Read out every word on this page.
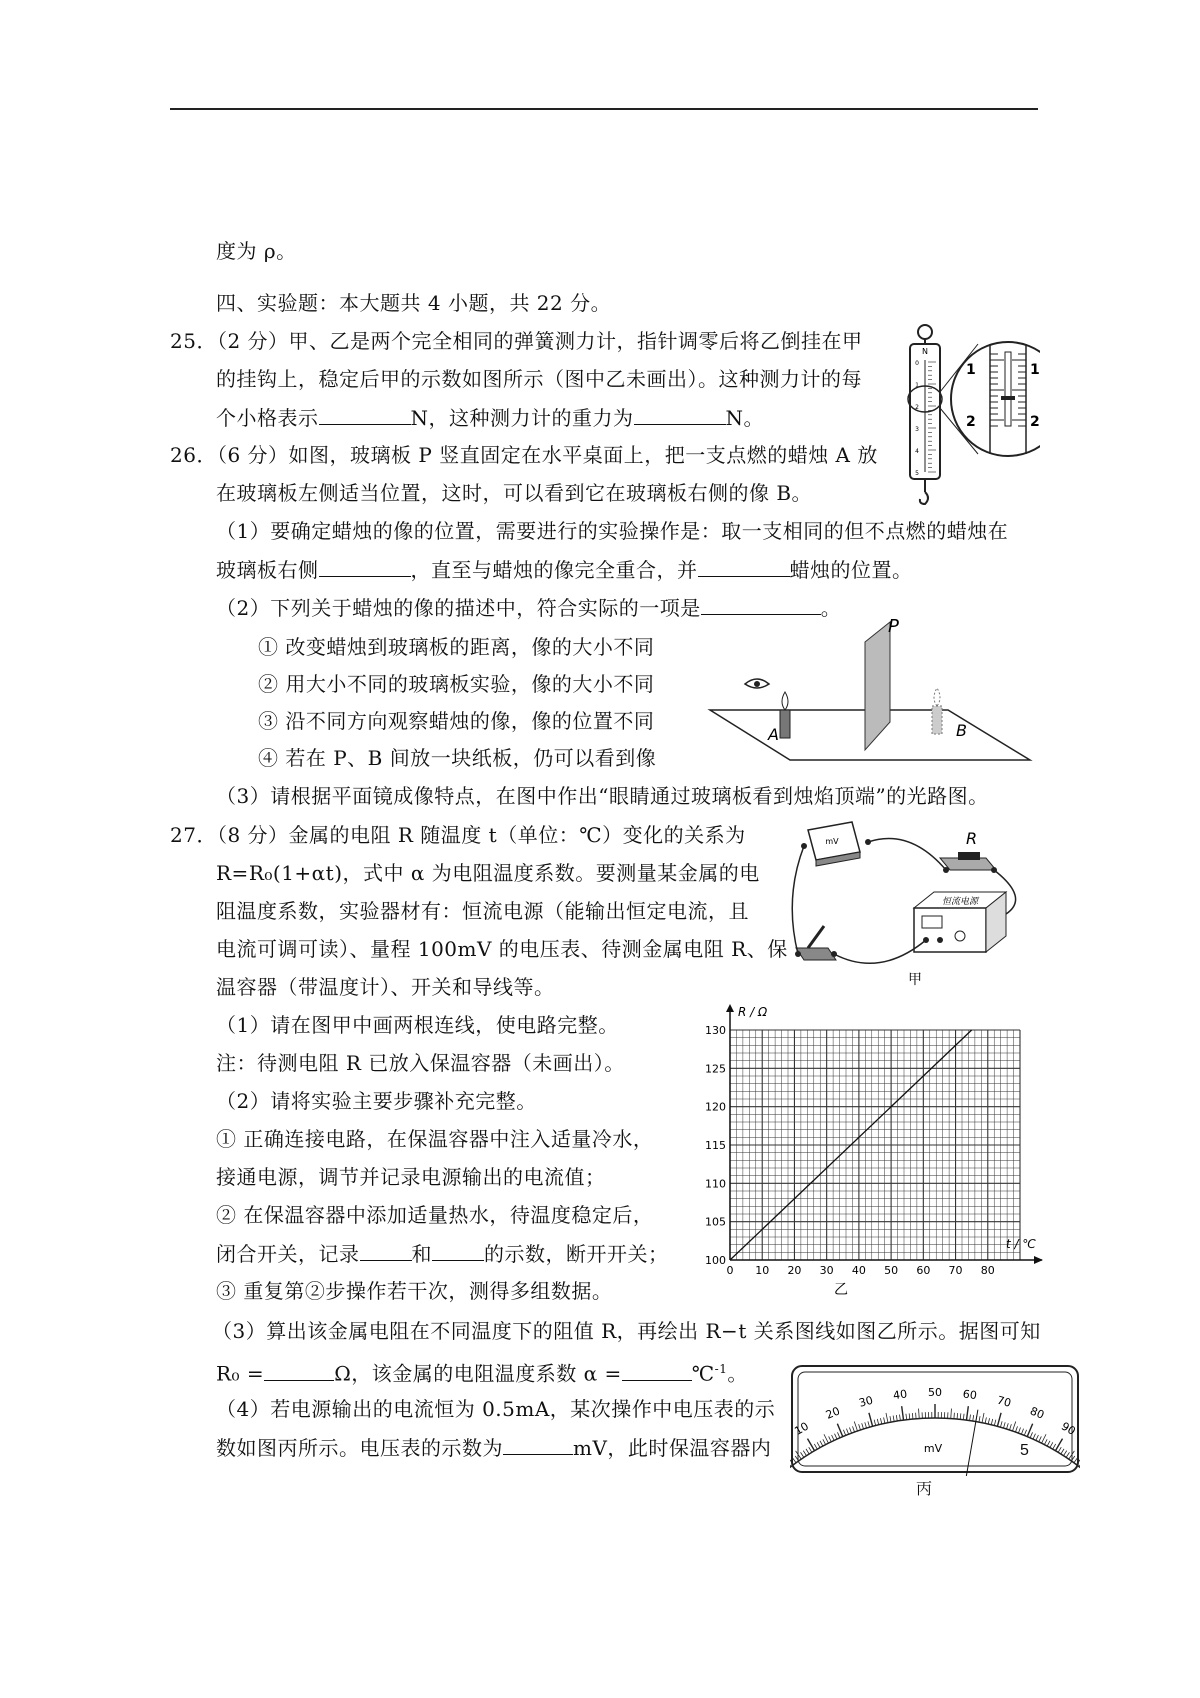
度为 ρ。
四、实验题：本大题共 4 小题，共 22 分。
25．（2 分）甲、乙是两个完全相同的弹簧测力计，指针调零后将乙倒挂在甲
的挂钩上，稳定后甲的示数如图所示（图中乙未画出）。这种测力计的每
个小格表示	N，这种测力计的重力为	N。
26．（6 分）如图，玻璃板 P 竖直固定在水平桌面上，把一支点燃的蜡烛 A 放
在玻璃板左侧适当位置，这时，可以看到它在玻璃板右侧的像 B。
（1）要确定蜡烛的像的位置，需要进行的实验操作是：取一支相同的但不点燃的蜡烛在
玻璃板右侧	，直至与蜡烛的像完全重合，并	蜡烛的位置。
（2）下列关于蜡烛的像的描述中，符合实际的一项是	。
① 改变蜡烛到玻璃板的距离，像的大小不同
② 用大小不同的玻璃板实验，像的大小不同
③ 沿不同方向观察蜡烛的像，像的位置不同
④ 若在 P、B 间放一块纸板，仍可以看到像
（3）请根据平面镜成像特点，在图中作出“眼睛通过玻璃板看到烛焰顶端”的光路图。
27．（8 分）金属的电阻 R 随温度 t（单位：℃）变化的关系为
R=R₀(1+αt)，式中 α 为电阻温度系数。要测量某金属的电
阻温度系数，实验器材有：恒流电源（能输出恒定电流，且
电流可调可读）、量程 100mV 的电压表、待测金属电阻 R、保
温容器（带温度计）、开关和导线等。
（1）请在图甲中画两根连线，使电路完整。
注：待测电阻 R 已放入保温容器（未画出）。
（2）请将实验主要步骤补充完整。
① 正确连接电路，在保温容器中注入适量冷水，
接通电源，调节并记录电源输出的电流值；
② 在保温容器中添加适量热水，待温度稳定后，
闭合开关，记录	和	的示数，断开开关；
③ 重复第②步操作若干次，测得多组数据。
（3）算出该金属电阻在不同温度下的阻值 R，再绘出 R−t 关系图线如图乙所示。据图可知
R₀ =	Ω，该金属的电阻温度系数 α =	℃$^{-1}$。
（4）若电源输出的电流恒为 0.5mA，某次操作中电压表的示
数如图丙所示。电压表的示数为	mV，此时保温容器内
N
0
1
2
3
4
5
1
2
1
2
P
A	B
mV	R
恒流电源
甲
0 10 20 30 40 50 60 70 80
100
105
110
115
120
125
130
R / Ω
t / ℃
乙
10
20
30 40 50 60 70
80
90
mV
丙
5
